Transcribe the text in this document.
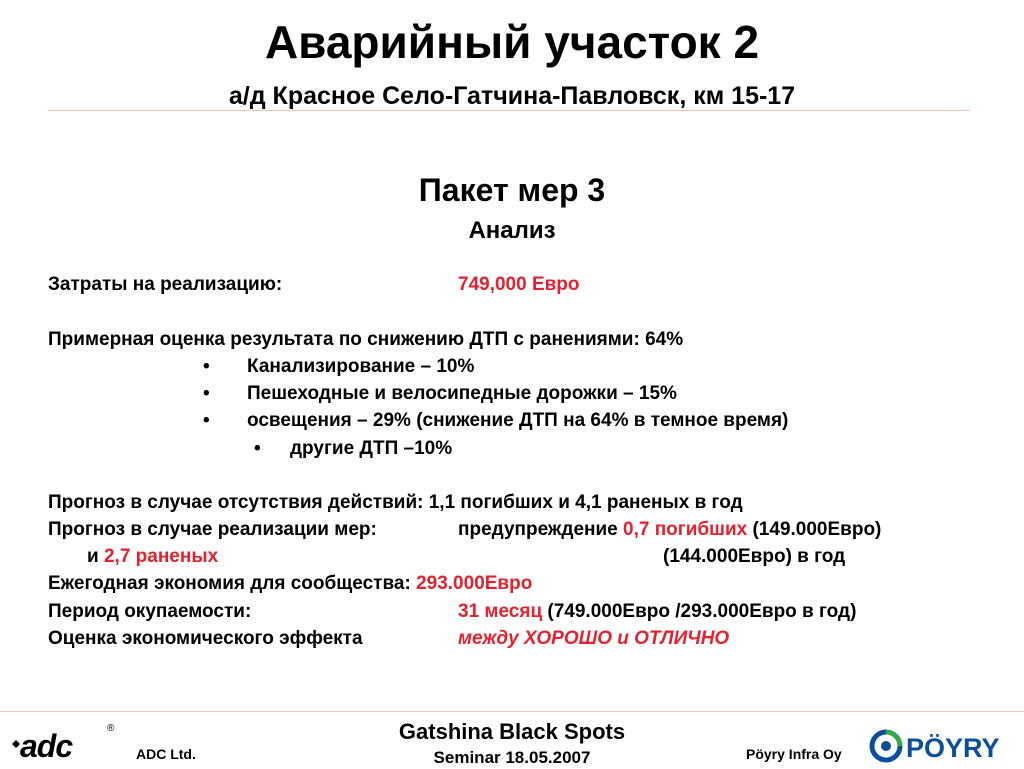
Аварийный участок 2
а/д Красное Село-Гатчина-Павловск, км 15-17
Пакет мер 3
Анализ
Затраты на реализацию:	749,000 Евро
Примерная оценка результата по снижению ДТП с ранениями: 64%
• Канализирование – 10%
• Пешеходные и велосипедные дорожки – 15%
• освещения – 29% (снижение ДТП на 64% в темное время)
• другие ДТП –10%
Прогноз в случае отсутствия действий: 1,1 погибших и 4,1 раненых в год
Прогноз в случае реализации мер:	предупреждение 0,7 погибших (149.000Евро)
и 2,7 раненых	(144.000Евро) в год
Ежегодная экономия для сообщества: 293.000Евро
Период окупаемости:	31 месяц (749.000Евро /293.000Евро в год)
Оценка экономического эффекта	между ХОРОШО и ОТЛИЧНО
adc	®
ADC Ltd.
Gatshina Black Spots
Seminar 18.05.2007	Pöyry Infra Oy PÖYRY
